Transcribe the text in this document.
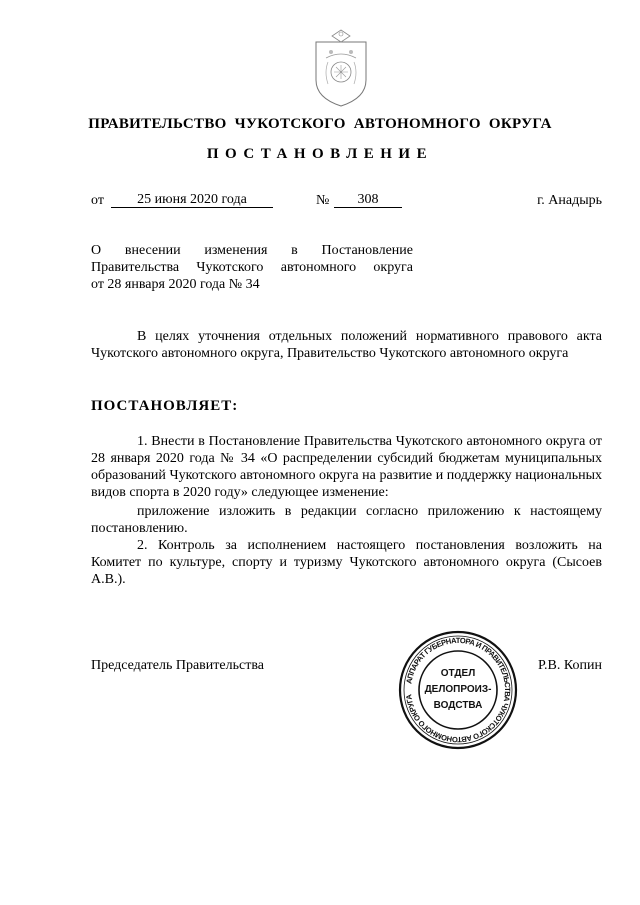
ПРАВИТЕЛЬСТВО ЧУКОТСКОГО АВТОНОМНОГО ОКРУГА
ПОСТАНОВЛЕНИЕ
от	25 июня 2020 года	№	308	г. Анадырь
О внесении изменения в Постановление
Правительства Чукотского автономного округа
от 28 января 2020 года № 34
В целях уточнения отдельных положений нормативного правового акта Чукотского автономного округа, Правительство Чукотского автономного округа
ПОСТАНОВЛЯЕТ:
1. Внести в Постановление Правительства Чукотского автономного округа от 28 января 2020 года № 34 «О распределении субсидий бюджетам муниципальных образований Чукотского автономного округа на развитие и поддержку национальных видов спорта в 2020 году» следующее изменение:
приложение изложить в редакции согласно приложению к настоящему постановлению.
2. Контроль за исполнением настоящего постановления возложить на Комитет по культуре, спорту и туризму Чукотского автономного округа (Сысоев А.В.).
Председатель Правительства	Р.В. Копин
АППАРАТ ГУБЕРНАТОРА И ПРАВИТЕЛЬСТВА ЧУКОТСКОГО АВТОНОМНОГО ОКРУГА
ОТДЕЛ
ДЕЛОПРОИЗ-
ВОДСТВА
